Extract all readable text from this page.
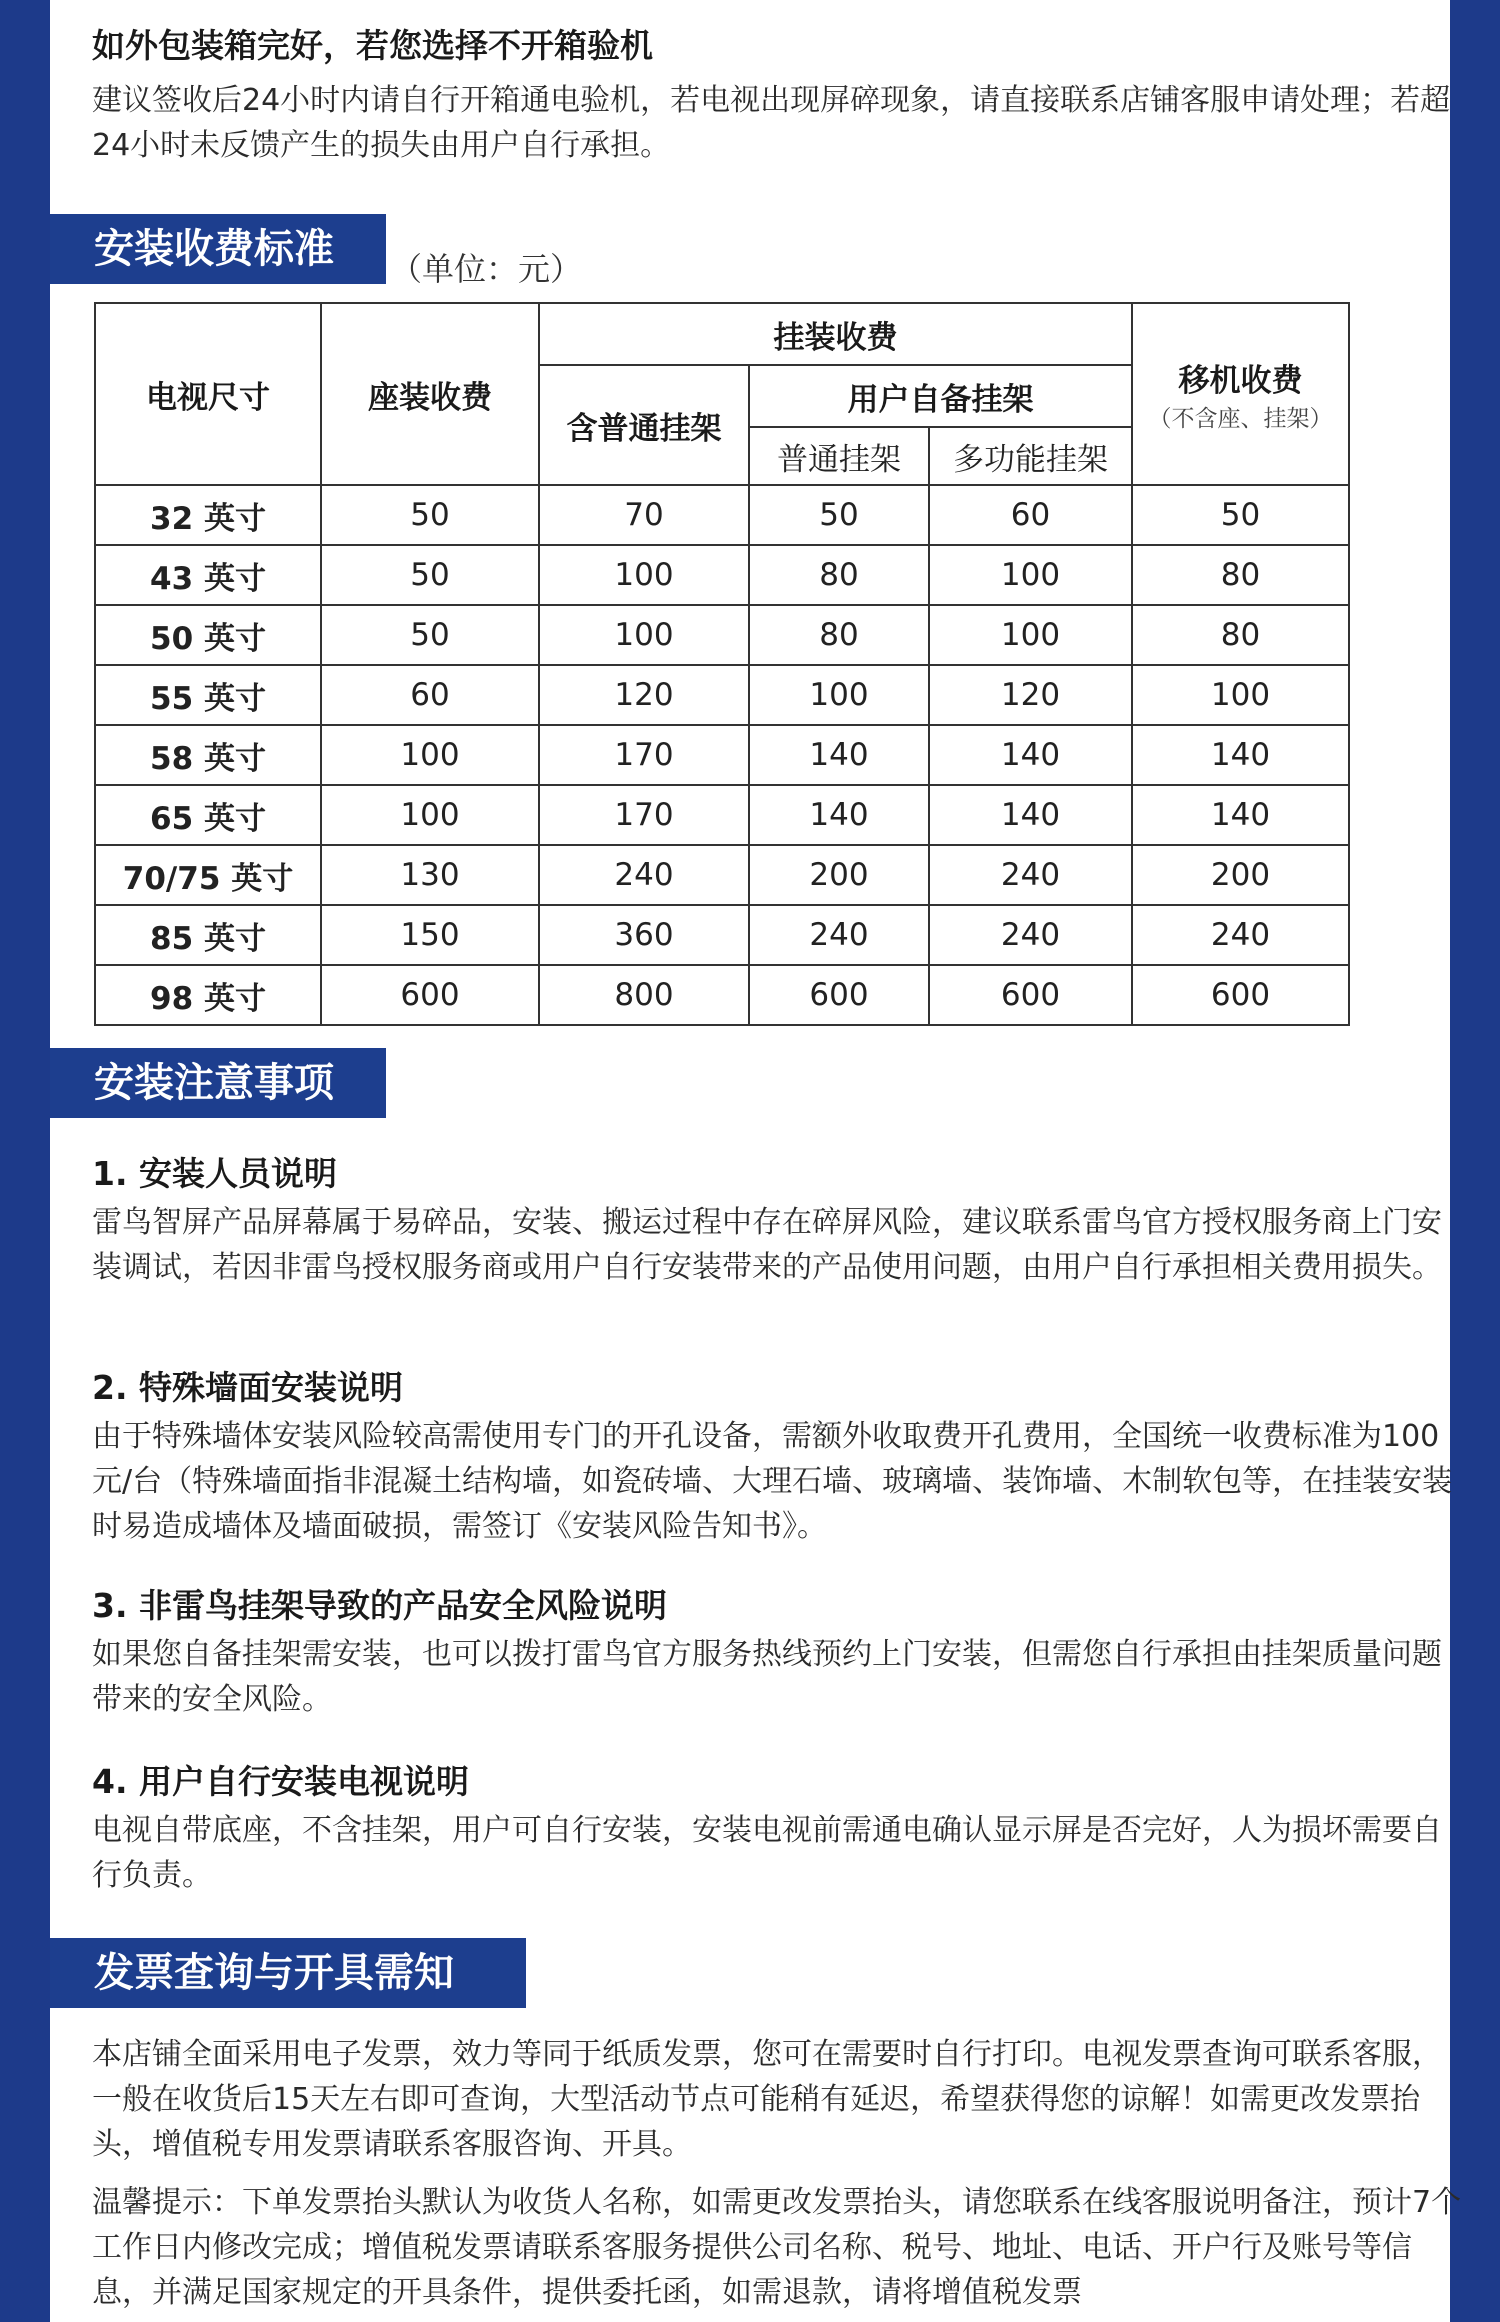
如外包装箱完好，若您选择不开箱验机
建议签收后24小时内请自行开箱通电验机，若电视出现屏碎现象，请直接联系店铺客服申请处理；若超24小时未反馈产生的损失由用户自行承担。
安装收费标准	（单位：元）
电视尺寸	座装收费	挂装收费			移机收费
（不含座、挂架）

		含普通挂架	用户自备挂架		
			普通挂架	多功能挂架	
32 英寸	50	70	50	60	50
43 英寸	50	100	80	100	80
50 英寸	50	100	80	100	80
55 英寸	60	120	100	120	100
58 英寸	100	170	140	140	140
65 英寸	100	170	140	140	140
70/75 英寸	130	240	200	240	200
85 英寸	150	360	240	240	240
98 英寸	600	800	600	600	600
安装注意事项
1. 安装人员说明
雷鸟智屏产品屏幕属于易碎品，安装、搬运过程中存在碎屏风险，建议联系雷鸟官方授权服务商上门安装调试，若因非雷鸟授权服务商或用户自行安装带来的产品使用问题，由用户自行承担相关费用损失。
2. 特殊墙面安装说明
由于特殊墙体安装风险较高需使用专门的开孔设备，需额外收取费开孔费用，全国统一收费标准为100元/台（特殊墙面指非混凝土结构墙，如瓷砖墙、大理石墙、玻璃墙、装饰墙、木制软包等，在挂装安装时易造成墙体及墙面破损，需签订《安装风险告知书》。
3. 非雷鸟挂架导致的产品安全风险说明
如果您自备挂架需安装，也可以拨打雷鸟官方服务热线预约上门安装，但需您自行承担由挂架质量问题带来的安全风险。
4. 用户自行安装电视说明
电视自带底座，不含挂架，用户可自行安装，安装电视前需通电确认显示屏是否完好，人为损坏需要自行负责。
发票查询与开具需知
本店铺全面采用电子发票，效力等同于纸质发票，您可在需要时自行打印。电视发票查询可联系客服，一般在收货后15天左右即可查询，大型活动节点可能稍有延迟，希望获得您的谅解！如需更改发票抬头，增值税专用发票请联系客服咨询、开具。
温馨提示：下单发票抬头默认为收货人名称，如需更改发票抬头，请您联系在线客服说明备注，预计7个工作日内修改完成；增值税发票请联系客服务提供公司名称、税号、地址、电话、开户行及账号等信息，并满足国家规定的开具条件，提供委托函，如需退款，请将增值税发票
